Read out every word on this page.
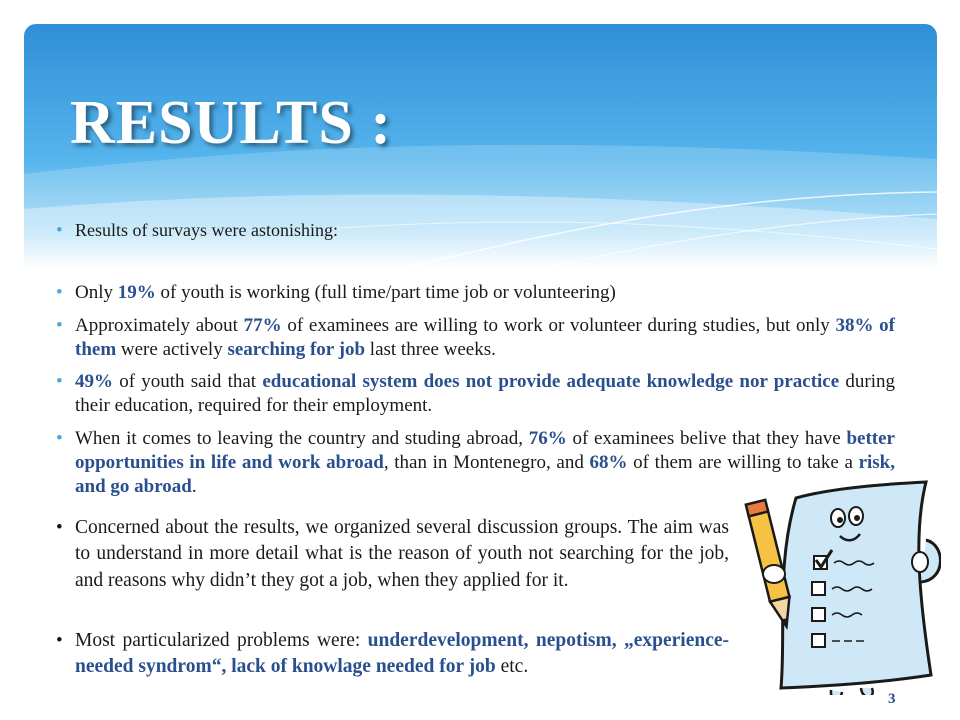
RESULTS :

• Results of survays were astonishing:

• Only 19% of youth is working (full time/part time job or volunteering)

• Approximately about 77% of examinees are willing to work or volunteer during studies, but only 38% of them were actively searching for job last three weeks.

• 49% of youth said that educational system does not provide adequate knowledge nor practice during their education, required for their employment.

• When it comes to leaving the country and studing abroad, 76% of examinees belive that they have better opportunities in life and work abroad, than in Montenegro, and 68% of them are willing to take a risk, and go abroad.

• Concerned about the results, we organized several discussion groups. The aim was to understand in more detail what is the reason of youth not searching for the job, and reasons why didn’t they got a job, when they applied for it.

• Most particularized problems were: underdevelopment, nepotism, „experience-needed syndrom“, lack of knowlage needed for job etc.

3
